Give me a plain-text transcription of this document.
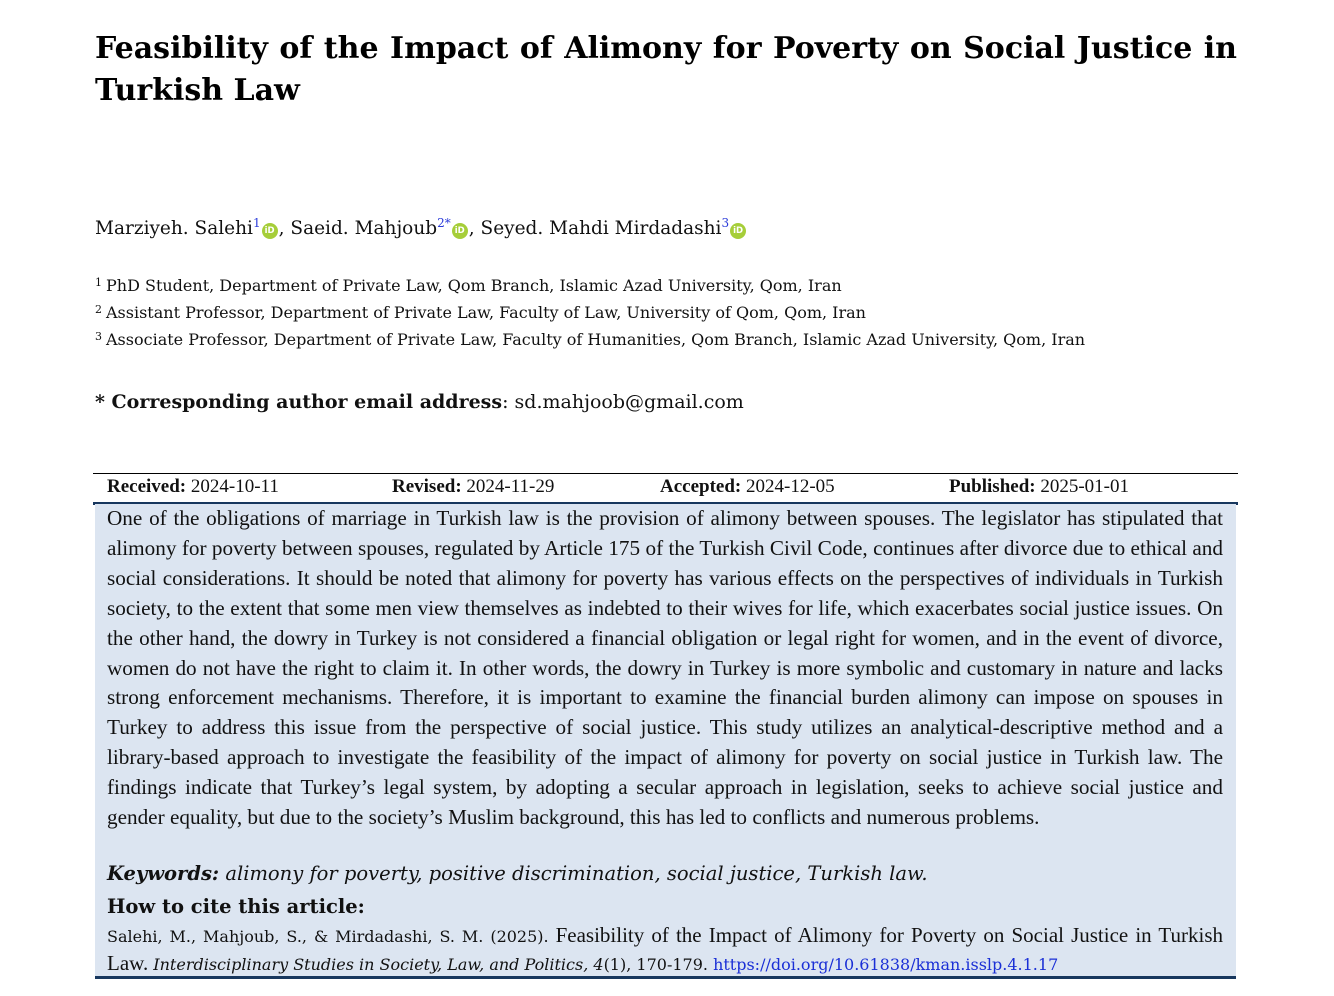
Feasibility of the Impact of Alimony for Poverty on Social Justice in Turkish Law
Marziyeh. Salehi$^1$iD , Saeid. Mahjoub$^{2*}$iD , Seyed. Mahdi Mirdadashi$^3$iD
$^1$ PhD Student, Department of Private Law, Qom Branch, Islamic Azad University, Qom, Iran
$^2$ Assistant Professor, Department of Private Law, Faculty of Law, University of Qom, Qom, Iran
$^3$ Associate Professor, Department of Private Law, Faculty of Humanities, Qom Branch, Islamic Azad University, Qom, Iran
* Corresponding author email address: sd.mahjoob@gmail.com
Received: 2024-10-11	Revised: 2024-11-29	Accepted: 2024-12-05	Published: 2025-01-01

One of the obligations of marriage in Turkish law is the provision of alimony between spouses. The legislator has stipulated that alimony for poverty between spouses, regulated by Article 175 of the Turkish Civil Code, continues after divorce due to ethical and social considerations. It should be noted that alimony for poverty has various effects on the perspectives of individuals in Turkish society, to the extent that some men view themselves as indebted to their wives for life, which exacerbates social justice issues. On the other hand, the dowry in Turkey is not considered a financial obligation or legal right for women, and in the event of divorce, women do not have the right to claim it. In other words, the dowry in Turkey is more symbolic and customary in nature and lacks strong enforcement mechanisms. Therefore, it is important to examine the financial burden alimony can impose on spouses in Turkey to address this issue from the perspective of social justice. This study utilizes an analytical-descriptive method and a library-based approach to investigate the feasibility of the impact of alimony for poverty on social justice in Turkish law. The findings indicate that Turkey’s legal system, by adopting a secular approach in legislation, seeks to achieve social justice and gender equality, but due to the society’s Muslim background, this has led to conflicts and numerous problems.

Keywords: alimony for poverty, positive discrimination, social justice, Turkish law.
How to cite this article:

Salehi, M., Mahjoub, S., & Mirdadashi, S. M. (2025). Feasibility of the Impact of Alimony for Poverty on Social Justice in Turkish Law. Interdisciplinary Studies in Society, Law, and Politics, 4(1), 170-179. https://doi.org/10.61838/kman.isslp.4.1.17
